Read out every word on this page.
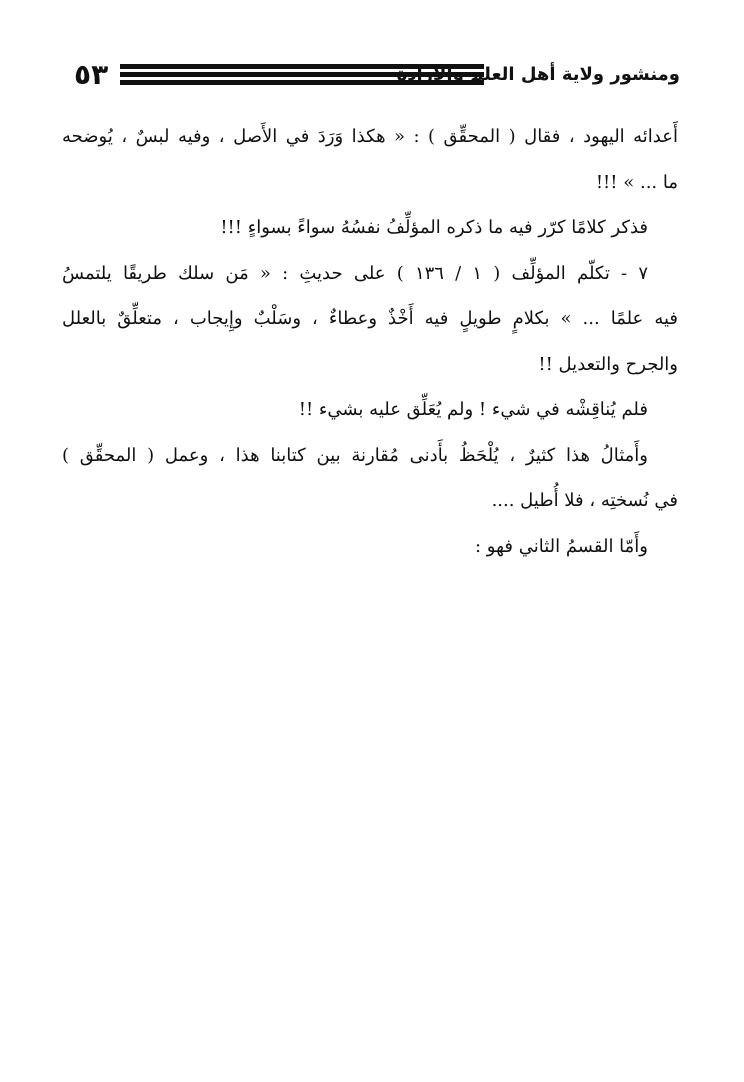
٥٣	ومنشور ولاية أهل العلم والإرادة
أَعدائه اليهود ، فقال ( المحقِّق ) : « هكذا وَرَدَ في الأَصل ، وفيه لبسٌ ، يُوضحه
ما ... » !!!
فذكر كلامًا كرّر فيه ما ذكره المؤلِّفُ نفسُهُ سواءً بسواءٍ !!!
٧ - تكلّم المؤلِّف ( ١ / ١٣٦ ) على حديثِ : « مَن سلك طريقًا يلتمسُ
فيه علمًا ... » بكلامٍ طويلٍ فيه أَخْذٌ وعطاءٌ ، وسَلْبٌ وإِيجاب ، متعلِّقٌ بالعلل
والجرح والتعديل !!
فلم يُناقِشْه في شيء ! ولم يُعَلِّق عليه بشيء !!
وأَمثالُ هذا كثيرٌ ، يُلْحَظُ بأَدنى مُقارنة بين كتابنا هذا ، وعمل ( المحقِّق )
في نُسختِه ، فلا أُطيل ....
وأَمّا القسمُ الثاني فهو :
